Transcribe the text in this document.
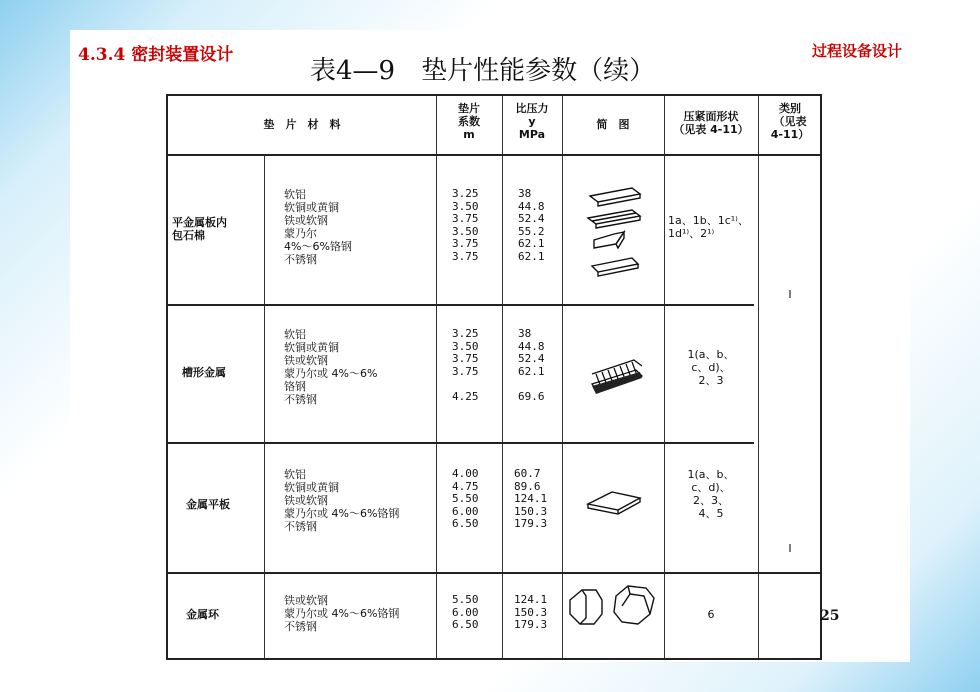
4.3.4 密封装置设计	过程设备设计
表4—9　垫片性能参数（续）
垫　片　材　料
垫片
系数
m
比压力
y
MPa
简　图
压紧面形状
（见表 4-11）
类别
（见表
4-11）
平金属板内
包石棉
软铝
软铜或黄铜
铁或软钢
蒙乃尔
4%～6%铬钢
不锈钢
3.25
3.50
3.75
3.50
3.75
3.75
38
44.8
52.4
55.2
62.1
62.1
1a、1b、1c¹⁾、
1d¹⁾、2¹⁾
I
槽形金属
软铝
软铜或黄铜
铁或软钢
蒙乃尔或 4%～6%
铬钢
不锈钢
3.25
3.50
3.75
3.75

4.25
38
44.8
52.4
62.1

69.6
1(a、b、
c、d)、
2、3
金属平板
软铝
软铜或黄铜
铁或软钢
蒙乃尔或 4%～6%铬钢
不锈钢
4.00
4.75
5.50
6.00
6.50
60.7
89.6
124.1
150.3
179.3
1(a、b、
c、d)、
2、3、
4、5
I
金属环
铁或软钢
蒙乃尔或 4%～6%铬钢
不锈钢
5.50
6.00
6.50
124.1
150.3
179.3
6	25
